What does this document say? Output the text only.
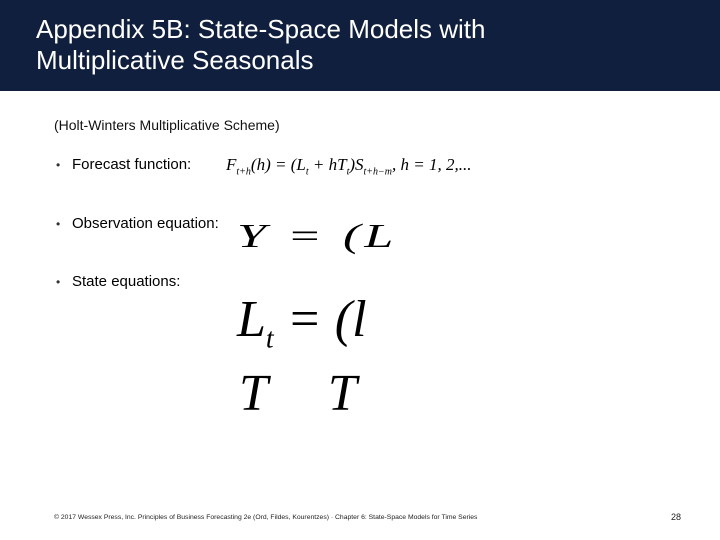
Appendix 5B: State-Space Models with
Multiplicative Seasonals
(Holt-Winters Multiplicative Scheme)
• Forecast function: $F_{t+h}(h) = (L_t + hT_t)S_{t+h-m}$, h = 1, 2,...
• Observation equation: Y = (L
• State equations:
$L_t = (l$
TT
© 2017 Wessex Press, Inc. Principles of Business Forecasting 2e (Ord, Fildes, Kourentzes) · Chapter 6: State-Space Models for Time Series	28
